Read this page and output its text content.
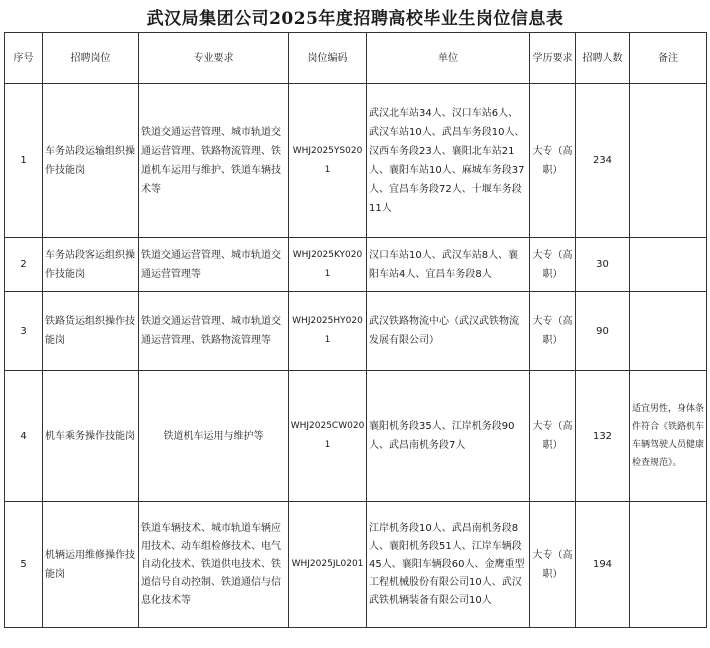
武汉局集团公司2025年度招聘高校毕业生岗位信息表
序号	招聘岗位	专业要求	岗位编码	单位	学历要求	招聘人数	备注
1	车务站段运输组织操作技能岗	铁道交通运营管理、城市轨道交通运营管理、铁路物流管理、铁道机车运用与维护、铁道车辆技术等	WHJ2025YS0201	武汉北车站34人、汉口车站6人、武汉车站10人、武昌车务段10人、汉西车务段23人、襄阳北车站21人、襄阳车站10人、麻城车务段37人、宜昌车务段72人、十堰车务段11人	大专（高职）	234	
2	车务站段客运组织操作技能岗	铁道交通运营管理、城市轨道交通运营管理等	WHJ2025KY0201	汉口车站10人、武汉车站8人、襄阳车站4人、宜昌车务段8人	大专（高职）	30	
3	铁路货运组织操作技能岗	铁道交通运营管理、城市轨道交通运营管理、铁路物流管理等	WHJ2025HY0201	武汉铁路物流中心（武汉武铁物流发展有限公司）	大专（高职）	90	
4	机车乘务操作技能岗	铁道机车运用与维护等	WHJ2025CW0201	襄阳机务段35人、江岸机务段90人、武昌南机务段7人	大专（高职）	132	适宜男性，身体条件符合《铁路机车车辆驾驶人员健康检查规范》。
5	机辆运用维修操作技能岗	铁道车辆技术、城市轨道车辆应用技术、动车组检修技术、电气自动化技术、铁道供电技术、铁道信号自动控制、铁道通信与信息化技术等	WHJ2025JL0201	江岸机务段10人、武昌南机务段8人、襄阳机务段51人、江岸车辆段45人、襄阳车辆段60人、金鹰重型工程机械股份有限公司10人、武汉武铁机辆装备有限公司10人	大专（高职）	194	
